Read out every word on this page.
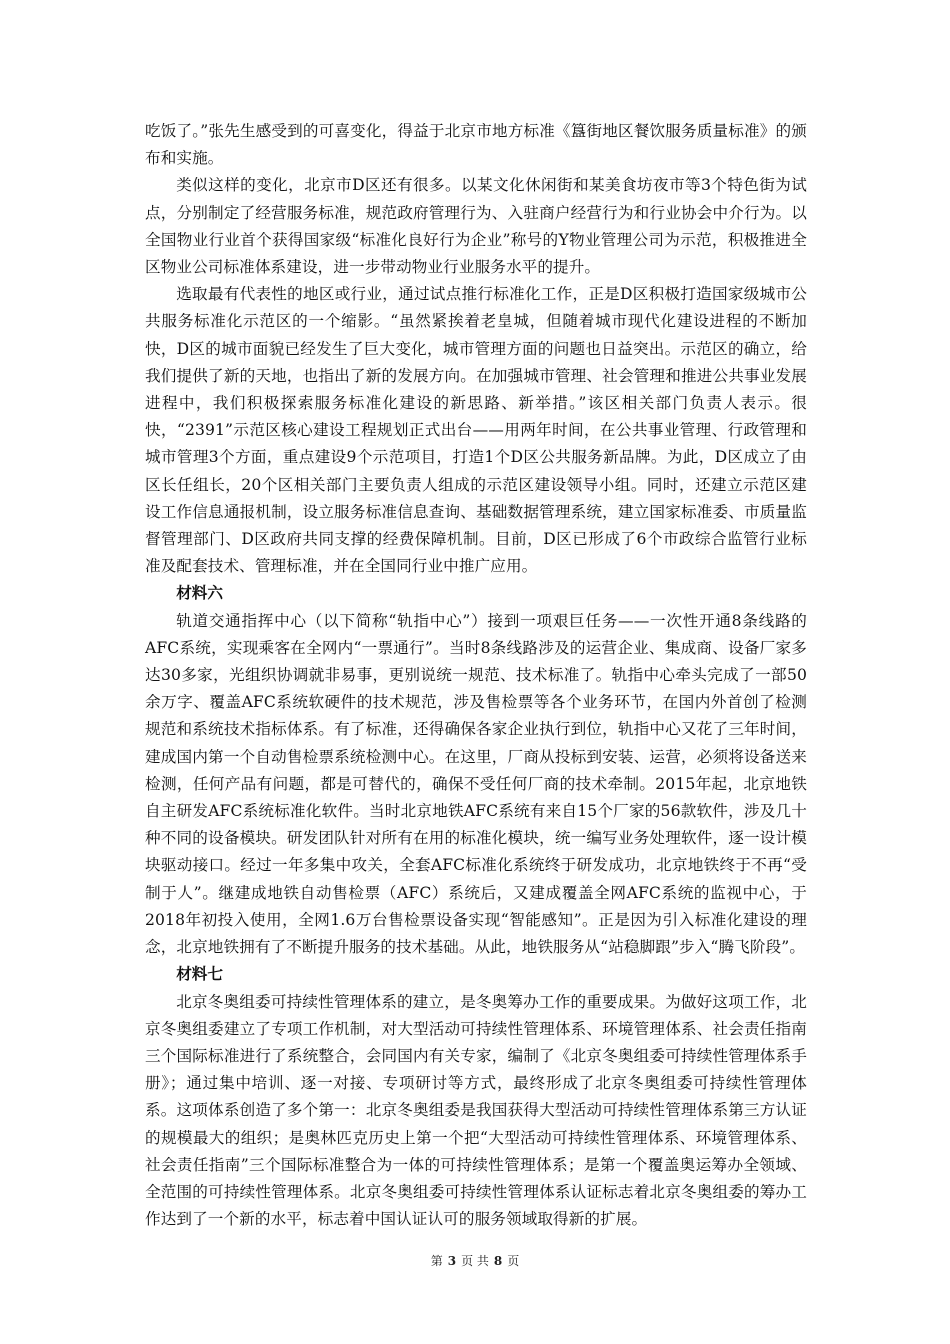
吃饭了。”张先生感受到的可喜变化，得益于北京市地方标准《簋街地区餐饮服务质量标准》的颁布和实施。

类似这样的变化，北京市D区还有很多。以某文化休闲街和某美食坊夜市等3个特色街为试点，分别制定了经营服务标准，规范政府管理行为、入驻商户经营行为和行业协会中介行为。以全国物业行业首个获得国家级“标准化良好行为企业”称号的Y物业管理公司为示范，积极推进全区物业公司标准体系建设，进一步带动物业行业服务水平的提升。

选取最有代表性的地区或行业，通过试点推行标准化工作，正是D区积极打造国家级城市公共服务标准化示范区的一个缩影。“虽然紧挨着老皇城，但随着城市现代化建设进程的不断加快，D区的城市面貌已经发生了巨大变化，城市管理方面的问题也日益突出。示范区的确立，给我们提供了新的天地，也指出了新的发展方向。在加强城市管理、社会管理和推进公共事业发展进程中，我们积极探索服务标准化建设的新思路、新举措。”该区相关部门负责人表示。很快，“2391”示范区核心建设工程规划正式出台——用两年时间，在公共事业管理、行政管理和城市管理3个方面，重点建设9个示范项目，打造1个D区公共服务新品牌。为此，D区成立了由区长任组长，20个区相关部门主要负责人组成的示范区建设领导小组。同时，还建立示范区建设工作信息通报机制，设立服务标准信息查询、基础数据管理系统，建立国家标准委、市质量监督管理部门、D区政府共同支撑的经费保障机制。目前，D区已形成了6个市政综合监管行业标准及配套技术、管理标准，并在全国同行业中推广应用。

材料六

轨道交通指挥中心（以下简称“轨指中心”）接到一项艰巨任务——一次性开通8条线路的AFC系统，实现乘客在全网内“一票通行”。当时8条线路涉及的运营企业、集成商、设备厂家多达30多家，光组织协调就非易事，更别说统一规范、技术标准了。轨指中心牵头完成了一部50余万字、覆盖AFC系统软硬件的技术规范，涉及售检票等各个业务环节，在国内外首创了检测规范和系统技术指标体系。有了标准，还得确保各家企业执行到位，轨指中心又花了三年时间，建成国内第一个自动售检票系统检测中心。在这里，厂商从投标到安装、运营，必须将设备送来检测，任何产品有问题，都是可替代的，确保不受任何厂商的技术牵制。2015年起，北京地铁自主研发AFC系统标准化软件。当时北京地铁AFC系统有来自15个厂家的56款软件，涉及几十种不同的设备模块。研发团队针对所有在用的标准化模块，统一编写业务处理软件，逐一设计模块驱动接口。经过一年多集中攻关，全套AFC标准化系统终于研发成功，北京地铁终于不再“受制于人”。继建成地铁自动售检票（AFC）系统后，又建成覆盖全网AFC系统的监视中心，于2018年初投入使用，全网1.6万台售检票设备实现“智能感知”。正是因为引入标准化建设的理念，北京地铁拥有了不断提升服务的技术基础。从此，地铁服务从“站稳脚跟”步入“腾飞阶段”。

材料七

北京冬奥组委可持续性管理体系的建立，是冬奥筹办工作的重要成果。为做好这项工作，北京冬奥组委建立了专项工作机制，对大型活动可持续性管理体系、环境管理体系、社会责任指南三个国际标准进行了系统整合，会同国内有关专家，编制了《北京冬奥组委可持续性管理体系手册》；通过集中培训、逐一对接、专项研讨等方式，最终形成了北京冬奥组委可持续性管理体系。这项体系创造了多个第一：北京冬奥组委是我国获得大型活动可持续性管理体系第三方认证的规模最大的组织；是奥林匹克历史上第一个把“大型活动可持续性管理体系、环境管理体系、社会责任指南”三个国际标准整合为一体的可持续性管理体系；是第一个覆盖奥运筹办全领域、全范围的可持续性管理体系。北京冬奥组委可持续性管理体系认证标志着北京冬奥组委的筹办工作达到了一个新的水平，标志着中国认证认可的服务领域取得新的扩展。

第 3 页 共 8 页
